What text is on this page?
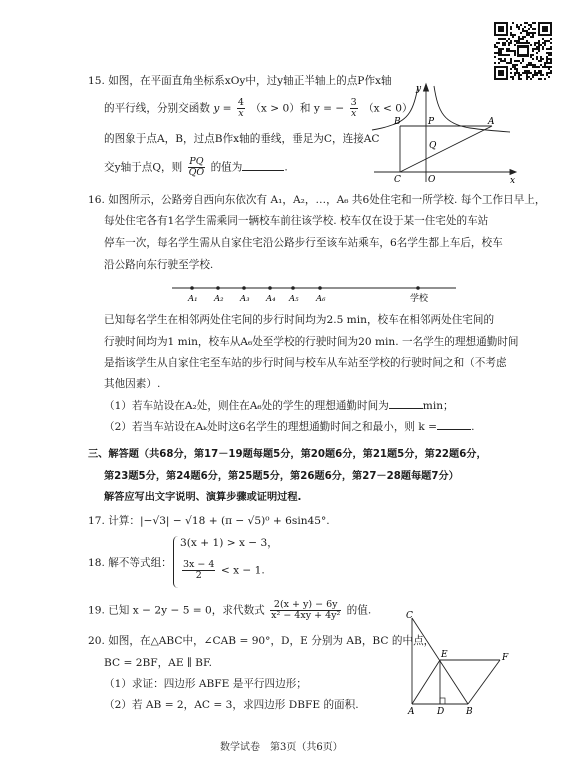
15. 如图，在平面直角坐标系xOy中，过y轴正半轴上的点P作x轴
的平行线，分别交函数 $y = \frac{4}{x} (x > 0)$和 y = − $\frac{3}{x} (x < 0)$
的图象于点A，B，过点B作x轴的垂线，垂足为C，连接AC
交y轴于点Q，则 $\frac{PQ}{QO}$ 的值为	.
y
x
B	P	A
Q
C	O
16. 如图所示，公路旁自西向东依次有 A₁，A₂，…，A₆ 共6处住宅和一所学校. 每个工作日早上，
每处住宅各有1名学生需乘同一辆校车前往该学校. 校车仅在设于某一住宅处的车站
停车一次，每名学生需从自家住宅沿公路步行至该车站乘车，6名学生都上车后，校车
沿公路向东行驶至学校.
A₁ A₂ A₃ A₄ A₅ A₆	学校
已知每名学生在相邻两处住宅间的步行时间均为2.5 min，校车在相邻两处住宅间的
行驶时间均为1 min，校车从A₆处至学校的行驶时间为20 min. 一名学生的理想通勤时间
是指该学生从自家住宅至车站的步行时间与校车从车站至学校的行驶时间之和（不考虑
其他因素）.
（1）若车站设在A₂处，则住在A₆处的学生的理想通勤时间为	min；
（2）若当车站设在Aₖ处时这6名学生的理想通勤时间之和最小，则 k =	.
三、解答题（共68分，第17－19题每题5分，第20题6分，第21题5分，第22题6分，
第23题5分，第24题6分，第25题5分，第26题6分，第27－28题每题7分）
解答应写出文字说明、演算步骤或证明过程.
17. 计算：|−√3| − √18 + (π − √5)⁰ + 6sin45°.
18. 解不等式组：
3(x + 1) > x − 3，
$\frac{3x - 4}{2} < x - 1$.
19. 已知 x − 2y − 5 = 0，求代数式 $\frac{2(x + y) - 6y}{\text{x² − 4xy + 4y²}}$ 的值.
20. 如图，在△ABC中，∠CAB = 90°，D，E 分别为 AB，BC 的中点，
BC = 2BF，AE ∥ BF.
（1）求证：四边形 ABFE 是平行四边形；
（2）若 AB = 2，AC = 3，求四边形 DBFE 的面积.
C
E	F
A	D B
数学试卷　第3页（共6页）
